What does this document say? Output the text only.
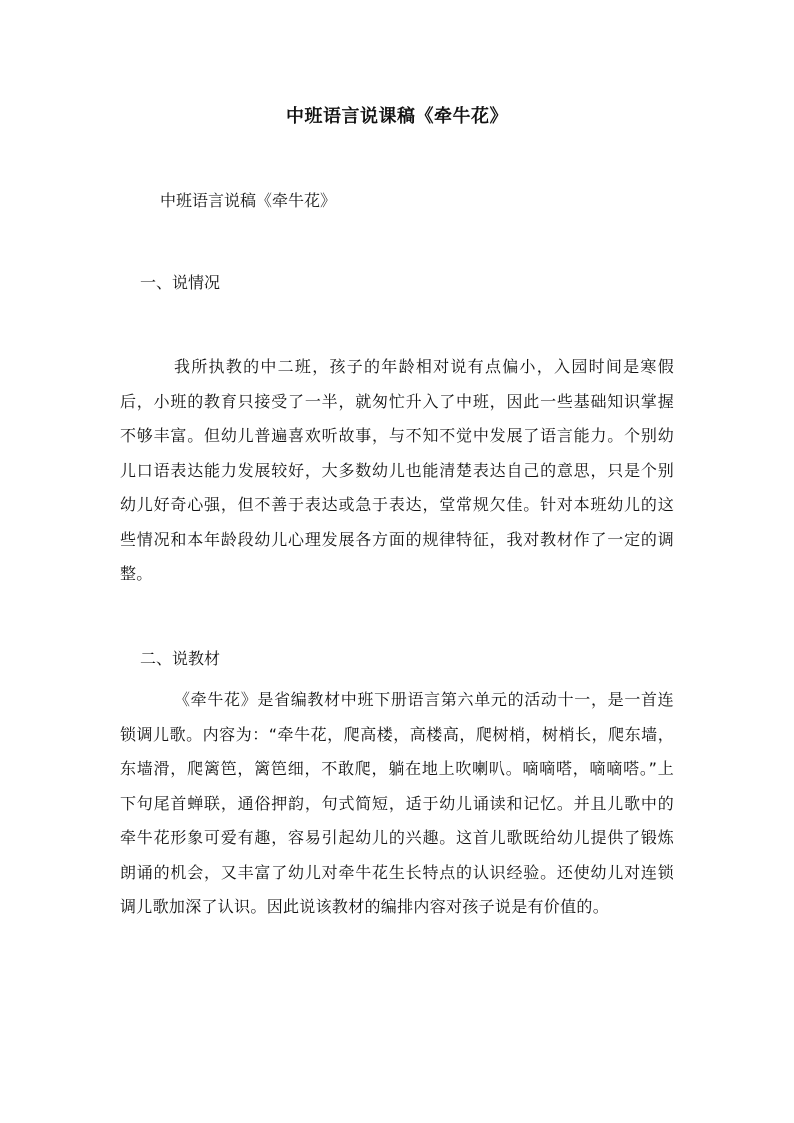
中班语言说课稿《牵牛花》
中班语言说稿《牵牛花》
一、说情况

我所执教的中二班，孩子的年龄相对说有点偏小，入园时间是寒假后，小班的教育只接受了一半，就匆忙升入了中班，因此一些基础知识掌握不够丰富。但幼儿普遍喜欢听故事，与不知不觉中发展了语言能力。个别幼儿口语表达能力发展较好，大多数幼儿也能清楚表达自己的意思，只是个别幼儿好奇心强，但不善于表达或急于表达，堂常规欠佳。针对本班幼儿的这些情况和本年龄段幼儿心理发展各方面的规律特征，我对教材作了一定的调整。

二、说教材

《牵牛花》是省编教材中班下册语言第六单元的活动十一，是一首连锁调儿歌。内容为：“牵牛花，爬高楼，高楼高，爬树梢，树梢长，爬东墙，东墙滑，爬篱笆，篱笆细，不敢爬，躺在地上吹喇叭。嘀嘀嗒，嘀嘀嗒。”上下句尾首蝉联，通俗押韵，句式简短，适于幼儿诵读和记忆。并且儿歌中的牵牛花形象可爱有趣，容易引起幼儿的兴趣。这首儿歌既给幼儿提供了锻炼朗诵的机会，又丰富了幼儿对牵牛花生长特点的认识经验。还使幼儿对连锁调儿歌加深了认识。因此说该教材的编排内容对孩子说是有价值的。
